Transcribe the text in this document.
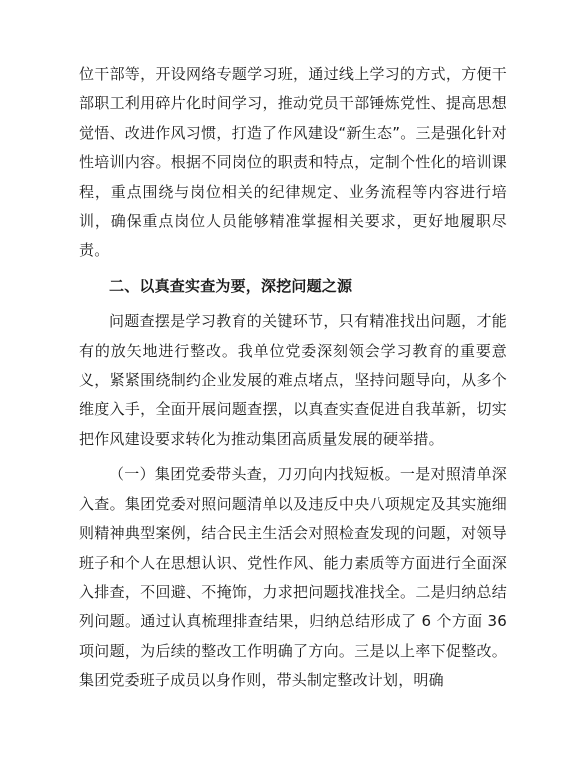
位干部等，开设网络专题学习班，通过线上学习的方式，方便干部职工利用碎片化时间学习，推动党员干部锤炼党性、提高思想觉悟、改进作风习惯，打造了作风建设“新生态”。三是强化针对性培训内容。根据不同岗位的职责和特点，定制个性化的培训课程，重点围绕与岗位相关的纪律规定、业务流程等内容进行培训，确保重点岗位人员能够精准掌握相关要求，更好地履职尽责。

二、以真查实查为要，深挖问题之源

问题查摆是学习教育的关键环节，只有精准找出问题，才能有的放矢地进行整改。我单位党委深刻领会学习教育的重要意义，紧紧围绕制约企业发展的难点堵点，坚持问题导向，从多个维度入手，全面开展问题查摆，以真查实查促进自我革新，切实把作风建设要求转化为推动集团高质量发展的硬举措。

（一）集团党委带头查，刀刃向内找短板。一是对照清单深入查。集团党委对照问题清单以及违反中央八项规定及其实施细则精神典型案例，结合民主生活会对照检查发现的问题，对领导班子和个人在思想认识、党性作风、能力素质等方面进行全面深入排查，不回避、不掩饰，力求把问题找准找全。二是归纳总结列问题。通过认真梳理排查结果，归纳总结形成了 6 个方面 36 项问题，为后续的整改工作明确了方向。三是以上率下促整改。集团党委班子成员以身作则，带头制定整改计划，明确
